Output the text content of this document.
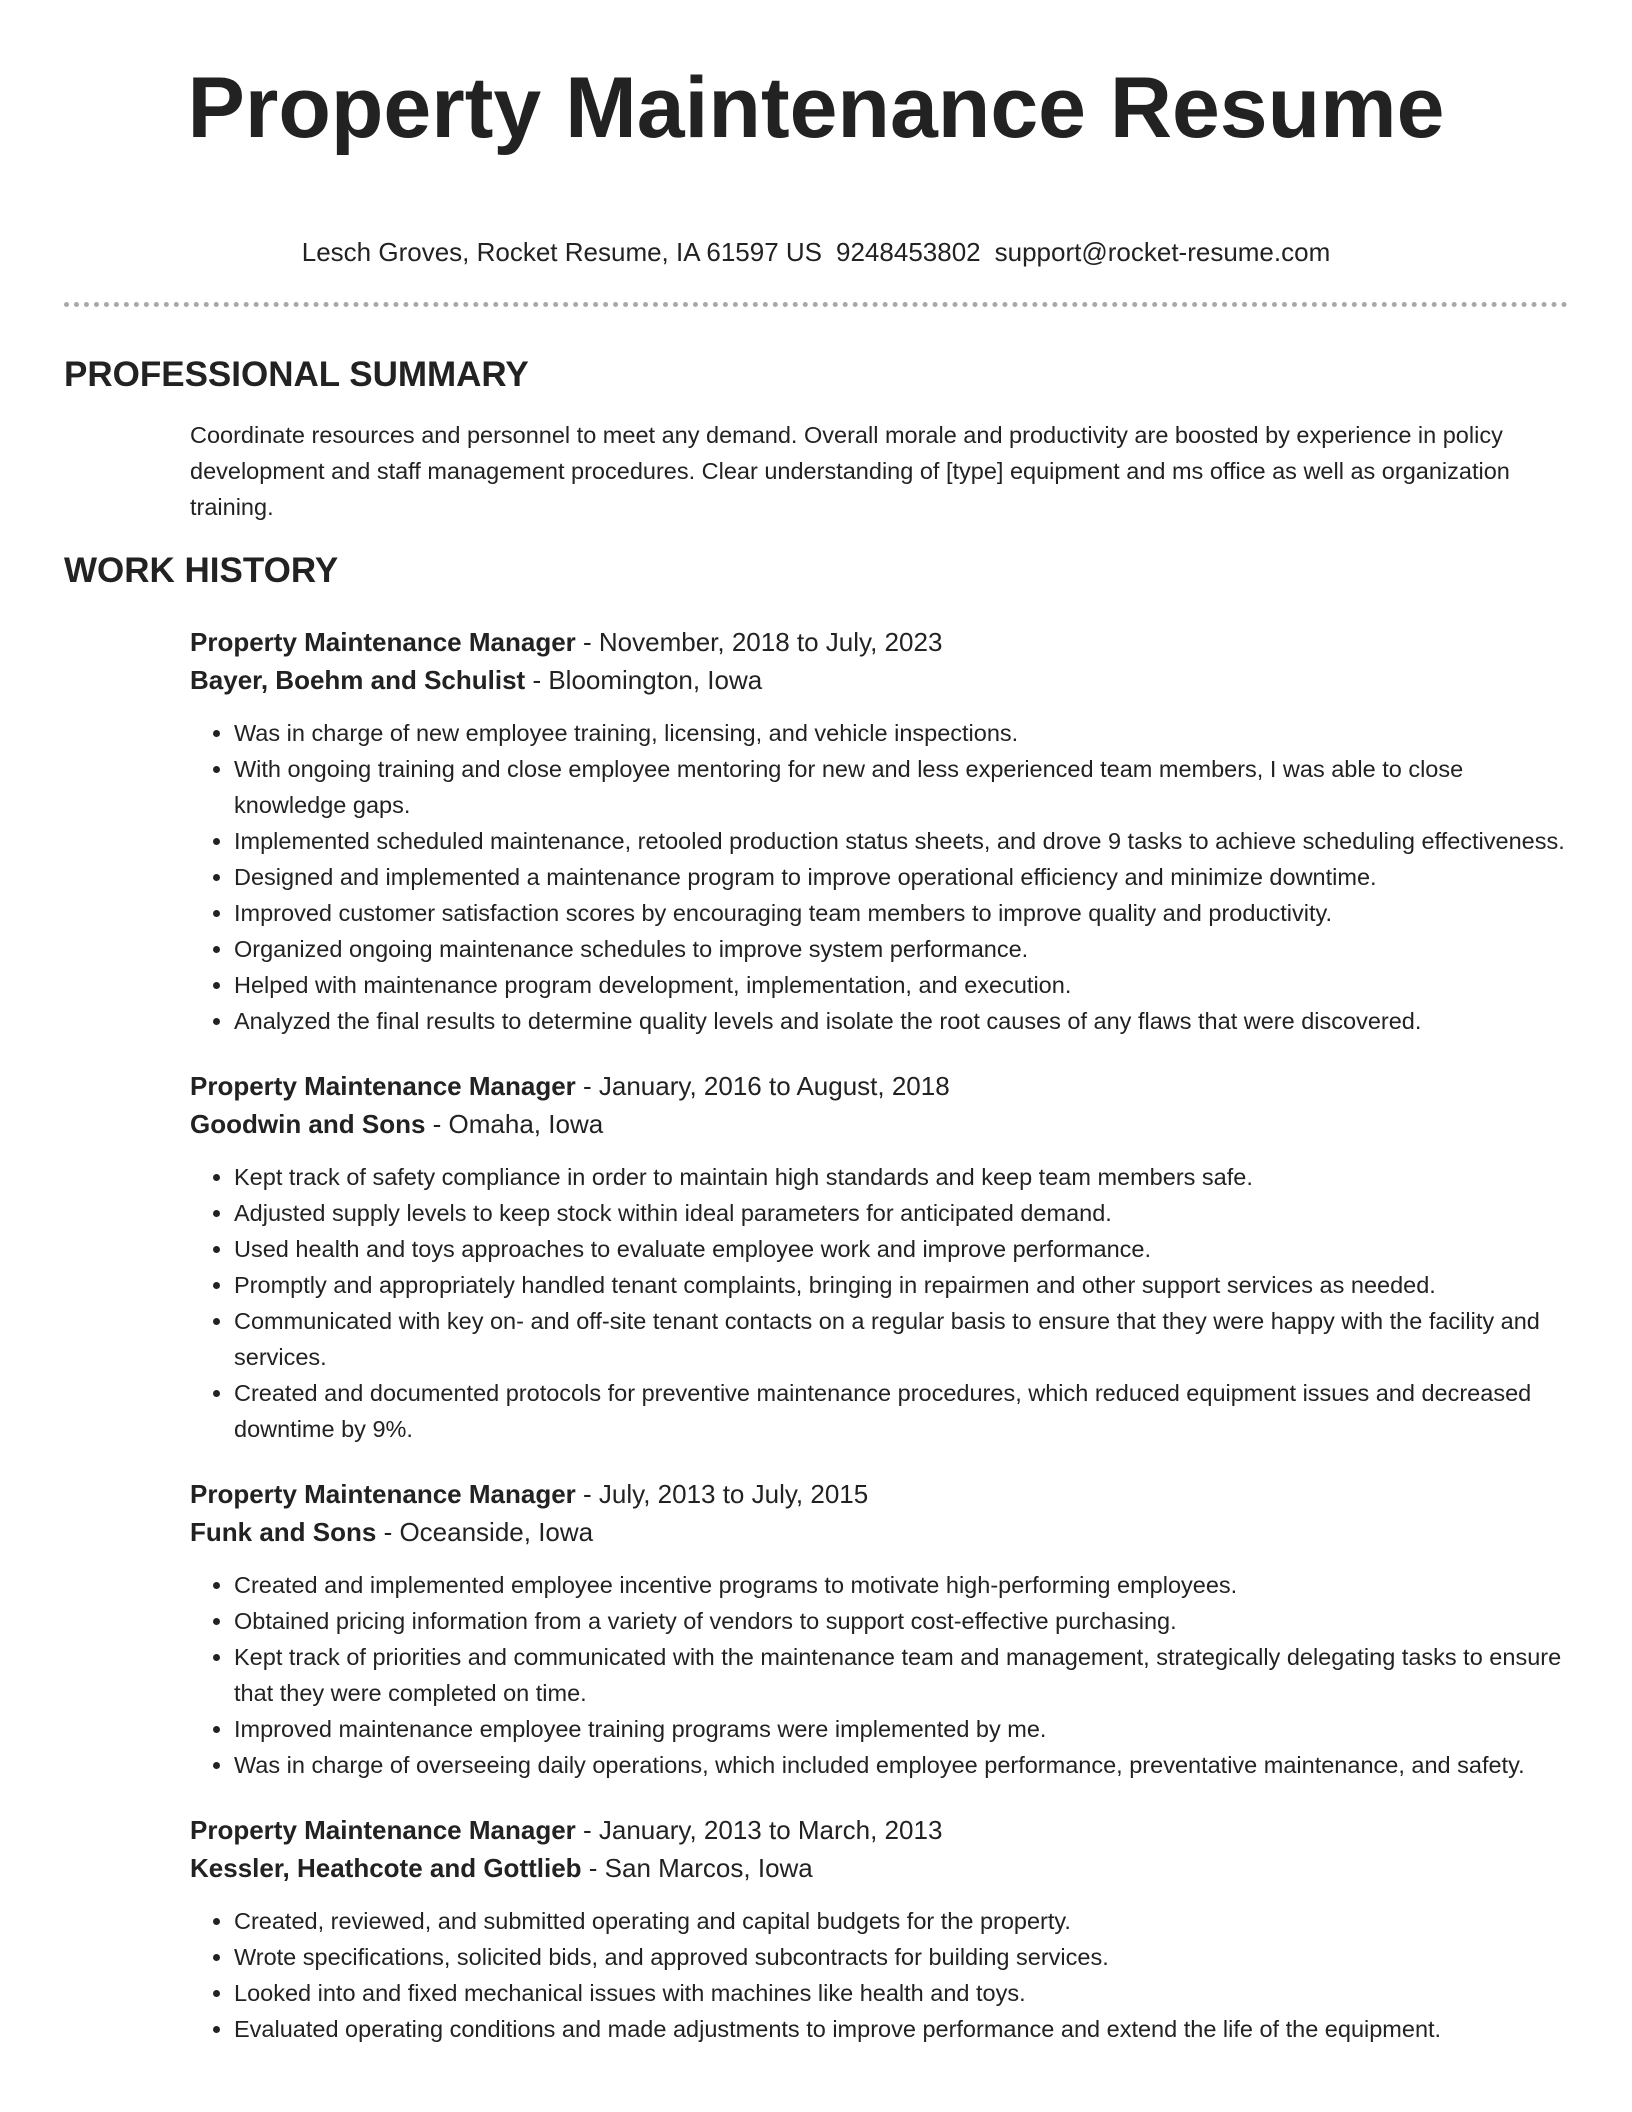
Property Maintenance Resume
Lesch Groves, Rocket Resume, IA 61597 US 9248453802 support@rocket-resume.com
PROFESSIONAL SUMMARY

Coordinate resources and personnel to meet any demand. Overall morale and productivity are boosted by experience in policy development and staff management procedures. Clear understanding of [type] equipment and ms office as well as organization training.

WORK HISTORY
Property Maintenance Manager - November, 2018 to July, 2023
Bayer, Boehm and Schulist - Bloomington, Iowa
• Was in charge of new employee training, licensing, and vehicle inspections.
• With ongoing training and close employee mentoring for new and less experienced team members, I was able to close knowledge gaps.
• Implemented scheduled maintenance, retooled production status sheets, and drove 9 tasks to achieve scheduling effectiveness.
• Designed and implemented a maintenance program to improve operational efficiency and minimize downtime.
• Improved customer satisfaction scores by encouraging team members to improve quality and productivity.
• Organized ongoing maintenance schedules to improve system performance.
• Helped with maintenance program development, implementation, and execution.
• Analyzed the final results to determine quality levels and isolate the root causes of any flaws that were discovered.
Property Maintenance Manager - January, 2016 to August, 2018
Goodwin and Sons - Omaha, Iowa
• Kept track of safety compliance in order to maintain high standards and keep team members safe.
• Adjusted supply levels to keep stock within ideal parameters for anticipated demand.
• Used health and toys approaches to evaluate employee work and improve performance.
• Promptly and appropriately handled tenant complaints, bringing in repairmen and other support services as needed.
• Communicated with key on- and off-site tenant contacts on a regular basis to ensure that they were happy with the facility and services.
• Created and documented protocols for preventive maintenance procedures, which reduced equipment issues and decreased downtime by 9%.
Property Maintenance Manager - July, 2013 to July, 2015
Funk and Sons - Oceanside, Iowa
• Created and implemented employee incentive programs to motivate high-performing employees.
• Obtained pricing information from a variety of vendors to support cost-effective purchasing.
• Kept track of priorities and communicated with the maintenance team and management, strategically delegating tasks to ensure that they were completed on time.
• Improved maintenance employee training programs were implemented by me.
• Was in charge of overseeing daily operations, which included employee performance, preventative maintenance, and safety.
Property Maintenance Manager - January, 2013 to March, 2013
Kessler, Heathcote and Gottlieb - San Marcos, Iowa
• Created, reviewed, and submitted operating and capital budgets for the property.
• Wrote specifications, solicited bids, and approved subcontracts for building services.
• Looked into and fixed mechanical issues with machines like health and toys.
• Evaluated operating conditions and made adjustments to improve performance and extend the life of the equipment.
